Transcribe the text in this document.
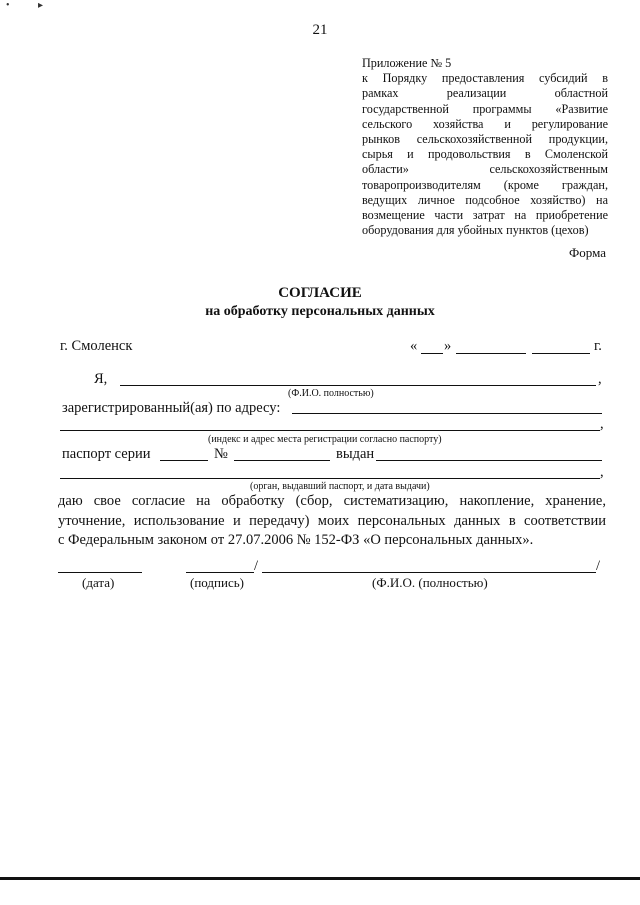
•	▸
21
Приложение № 5
к Порядку предоставления субсидий в
рамках реализации областной
государственной программы «Развитие
сельского хозяйства и регулирование
рынков сельскохозяйственной продукции,
сырья и продовольствия в Смоленской
области» сельскохозяйственным
товаропроизводителям (кроме граждан,
ведущих личное подсобное хозяйство) на
возмещение части затрат на приобретение
оборудования для убойных пунктов (цехов)
Форма
СОГЛАСИЕ
на обработку персональных данных
г. Смоленск	« »	г.
Я,	,
(Ф.И.О. полностью)
зарегистрированный(ая) по адресу:
,
(индекс и адрес места регистрации согласно паспорту)
паспорт серии	№	выдан
,
(орган, выдавший паспорт, и дата выдачи)
даю свое согласие на обработку (сбор, систематизацию, накопление, хранение,
уточнение, использование и передачу) моих персональных данных в соответствии
с Федеральным законом от 27.07.2006 № 152-ФЗ «О персональных данных».
/	/
(дата)	(подпись)	(Ф.И.О. (полностью)
